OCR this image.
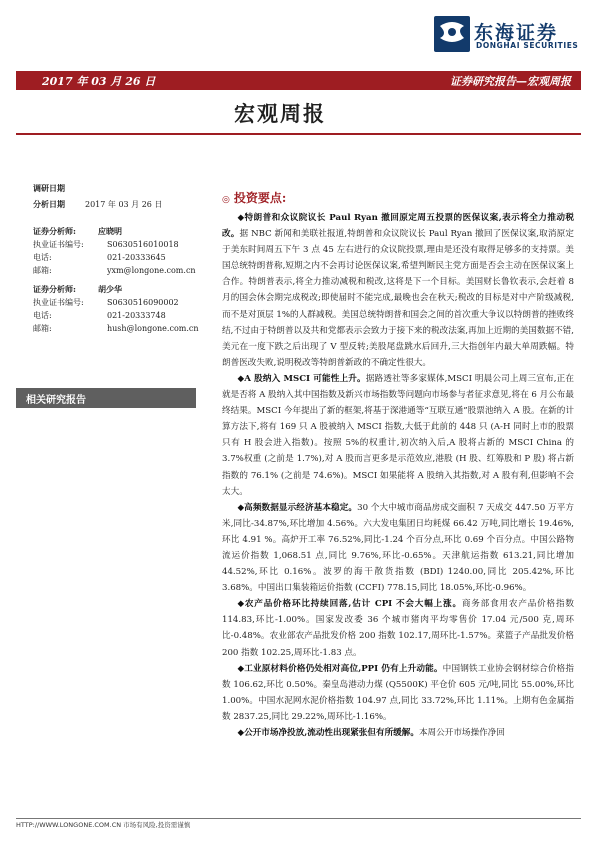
东海证券
DONGHAI SECURITIES
2017 年 03 月 26 日	证券研究报告—宏观周报
宏观周报
调研日期
分析日期	2017 年 03 月 26 日
证券分析师:	应晓明
执业证书编号:	S0630516010018
电话:	021-20333645
邮箱:	yxm@longone.com.cn
证券分析师:	胡少华
执业证书编号:	S0630516090002
电话:	021-20333748
邮箱:	hush@longone.com.cn
相关研究报告
◎ 投资要点:

◆特朗普和众议院议长 Paul Ryan 撤回原定周五投票的医保议案,表示将全力推动税改。据 NBC 新闻和美联社报道,特朗普和众议院议长 Paul Ryan 撤回了医保议案,取消原定于美东时间周五下午 3 点 45 左右进行的众议院投票,理由是还没有取得足够多的支持票。美国总统特朗普称,短期之内不会再讨论医保议案,希望判断民主党方面是否会主动在医保议案上合作。特朗普表示,将全力推动减税和税改,这将是下一个目标。美国财长鲁钦表示,会赶着 8 月的国会休会期完成税改;即使届时不能完成,最晚也会在秋天;税改的目标是对中产阶级减税,而不是对顶层 1%的人群减税。美国总统特朗普和国会之间的首次重大争议以特朗普的挫败终结,不过由于特朗普以及共和党都表示会致力于接下来的税改法案,再加上近期的美国数据不错,美元在一度下跌之后出现了 V 型反转;美股尾盘跳水后回升,三大指创年内最大单周跌幅。特朗普医改失败,说明税改等特朗普新政的不确定性很大。

◆A 股纳入 MSCI 可能性上升。据路透社等多家媒体,MSCI 明晨公司上周三宣布,正在就是否将 A 股纳入其中国指数及新兴市场指数等问题向市场参与者征求意见,将在 6 月公布最终结果。MSCI 今年提出了新的框架,将基于深港通等“互联互通”股票池纳入 A 股。在新的计算方法下,将有 169 只 A 股被纳入 MSCI 指数,大低于此前的 448 只 (A-H 同时上市的股票只有 H 股会进入指数)。按照 5%的权重计,初次纳入后,A 股将占新的 MSCI China 的 3.7%权重 (之前是 1.7%),对 A 股而言更多是示范效应,港股 (H 股、红筹股和 P 股) 将占新指数的 76.1% (之前是 74.6%)。MSCI 如果能将 A 股纳入其指数,对 A 股有利,但影响不会太大。

◆高频数据显示经济基本稳定。30 个大中城市商品房成交面积 7 天成交 447.50 万平方米,同比-34.87%,环比增加 4.56%。六大发电集团日均耗煤 66.42 万吨,同比增长 19.46%,环比 4.91 %。高炉开工率 76.52%,同比-1.24 个百分点,环比 0.69 个百分点。中国公路物流运价指数 1,068.51 点,同比 9.76%,环比-0.65%。天津航运指数 613.21,同比增加 44.52%,环比 0.16%。波罗的海干散货指数 (BDI) 1240.00,同比 205.42%,环比 3.68%。中国出口集装箱运价指数 (CCFI) 778.15,同比 18.05%,环比-0.96%。

◆农产品价格环比持续回落,估计 CPI 不会大幅上涨。商务部食用农产品价格指数 114.83,环比-1.00%。国家发改委 36 个城市猪肉平均零售价 17.04 元/500 克,周环比-0.48%。农业部农产品批发价格 200 指数 102.17,周环比-1.57%。菜篮子产品批发价格 200 指数 102.25,周环比-1.83 点。

◆工业原材料价格仍处相对高位,PPI 仍有上升动能。中国钢铁工业协会钢材综合价格指数 106.62,环比 0.50%。秦皇岛港动力煤 (Q5500K) 平仓价 605 元/吨,同比 55.00%,环比 1.00%。中国水泥网水泥价格指数 104.97 点,同比 33.72%,环比 1.11%。上期有色金属指数 2837.25,同比 29.22%,周环比-1.16%。

◆公开市场净投放,流动性出现紧张但有所缓解。本周公开市场操作净回

HTTP://WWW.LONGONE.COM.CN 市场有风险,投资需谨慎
